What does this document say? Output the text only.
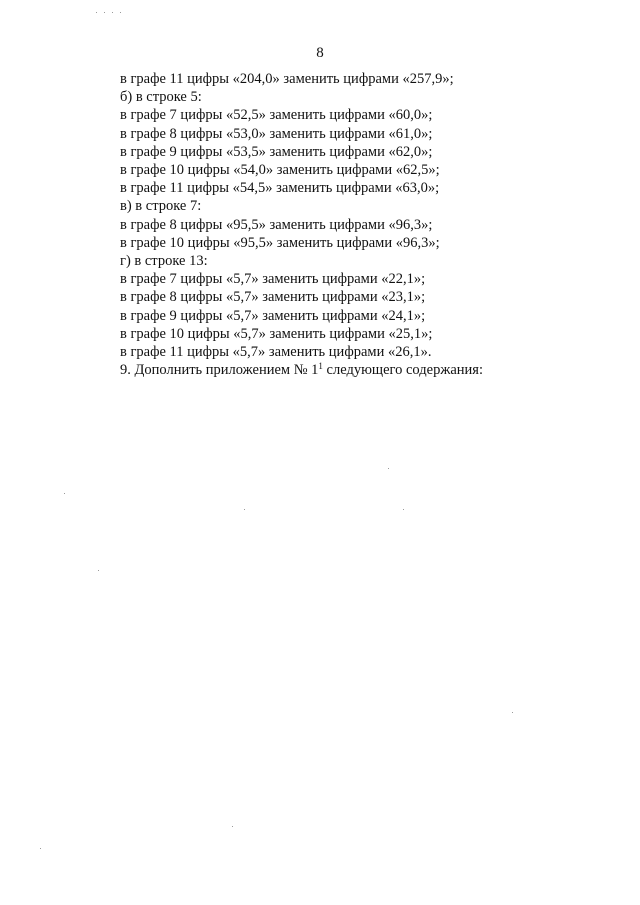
8
в графе 11 цифры «204,0» заменить цифрами «257,9»;
б) в строке 5:
в графе 7 цифры «52,5» заменить цифрами «60,0»;
в графе 8 цифры «53,0» заменить цифрами «61,0»;
в графе 9 цифры «53,5» заменить цифрами «62,0»;
в графе 10 цифры «54,0» заменить цифрами «62,5»;
в графе 11 цифры «54,5» заменить цифрами «63,0»;
в) в строке 7:
в графе 8 цифры «95,5» заменить цифрами «96,3»;
в графе 10 цифры «95,5» заменить цифрами «96,3»;
г) в строке 13:
в графе 7 цифры «5,7» заменить цифрами «22,1»;
в графе 8 цифры «5,7» заменить цифрами «23,1»;
в графе 9 цифры «5,7» заменить цифрами «24,1»;
в графе 10 цифры «5,7» заменить цифрами «25,1»;
в графе 11 цифры «5,7» заменить цифрами «26,1».
9. Дополнить приложением № $1^1$ следующего содержания:
